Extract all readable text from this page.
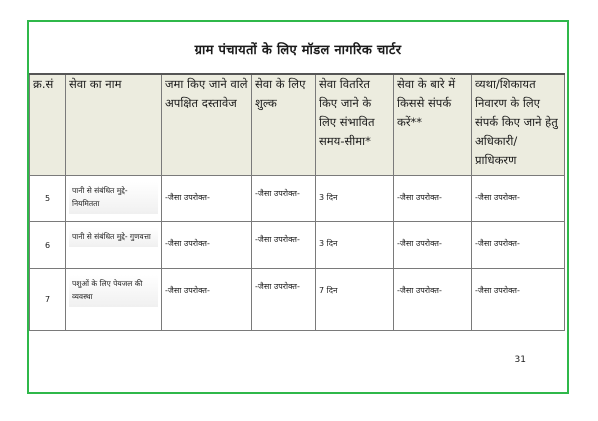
ग्राम पंचायतों के लिए मॉडल नागरिक चार्टर
क्र.सं	सेवा का नाम	जमा किए जाने वाले अपक्षित दस्तावेज	सेवा के लिए शुल्क	सेवा वितरित किए जाने के लिए संभावित समय-सीमा*	सेवा के बारे में किससे संपर्क करें**	व्यथा/शिकायत निवारण के लिए संपर्क किए जाने हेतु अधिकारी/ प्राधिकरण
5	पानी से संबंधित मुद्दे- नियमितता	-जैसा उपरोक्त-	-जैसा उपरोक्त-	3 दिन	-जैसा उपरोक्त-	-जैसा उपरोक्त-

6	पानी से संबंधित मुद्दे- गुणवत्ता	-जैसा उपरोक्त-	-जैसा उपरोक्त-	3 दिन	-जैसा उपरोक्त-	-जैसा उपरोक्त-

7	पशुओं के लिए पेयजल की व्यवस्था	-जैसा उपरोक्त-	-जैसा उपरोक्त-	7 दिन	-जैसा उपरोक्त-	-जैसा उपरोक्त-
31
